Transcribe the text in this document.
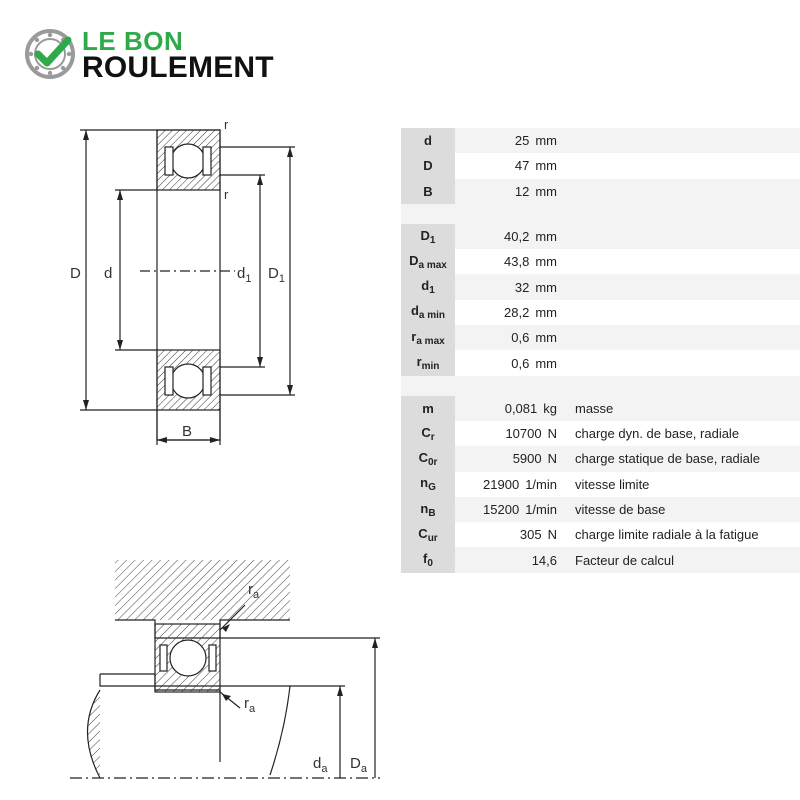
LE BON
ROULEMENT
D d	$d_1$ $D_1$
B
r
r
$r_a$
$r_a$
$d_a$ $D_a$
d	25 mm	
D	47 mm	
B	12 mm	

$D_1$	40,2 mm	
$D_{a max}$	43,8 mm	
$d_1$	32 mm	
$d_{a min}$	28,2 mm	
$r_{a max}$	0,6 mm	
$r_{min}$	0,6 mm	

m	0,081 kg	masse
$C_r$	10700 N	charge dyn. de base, radiale
$C_{0r}$	5900 N	charge statique de base, radiale
$n_G$	21900 1/min	vitesse limite
$n_B$	15200 1/min	vitesse de base
$C_{ur}$	305 N	charge limite radiale à la fatigue
$f_0$	14,6	Facteur de calcul
